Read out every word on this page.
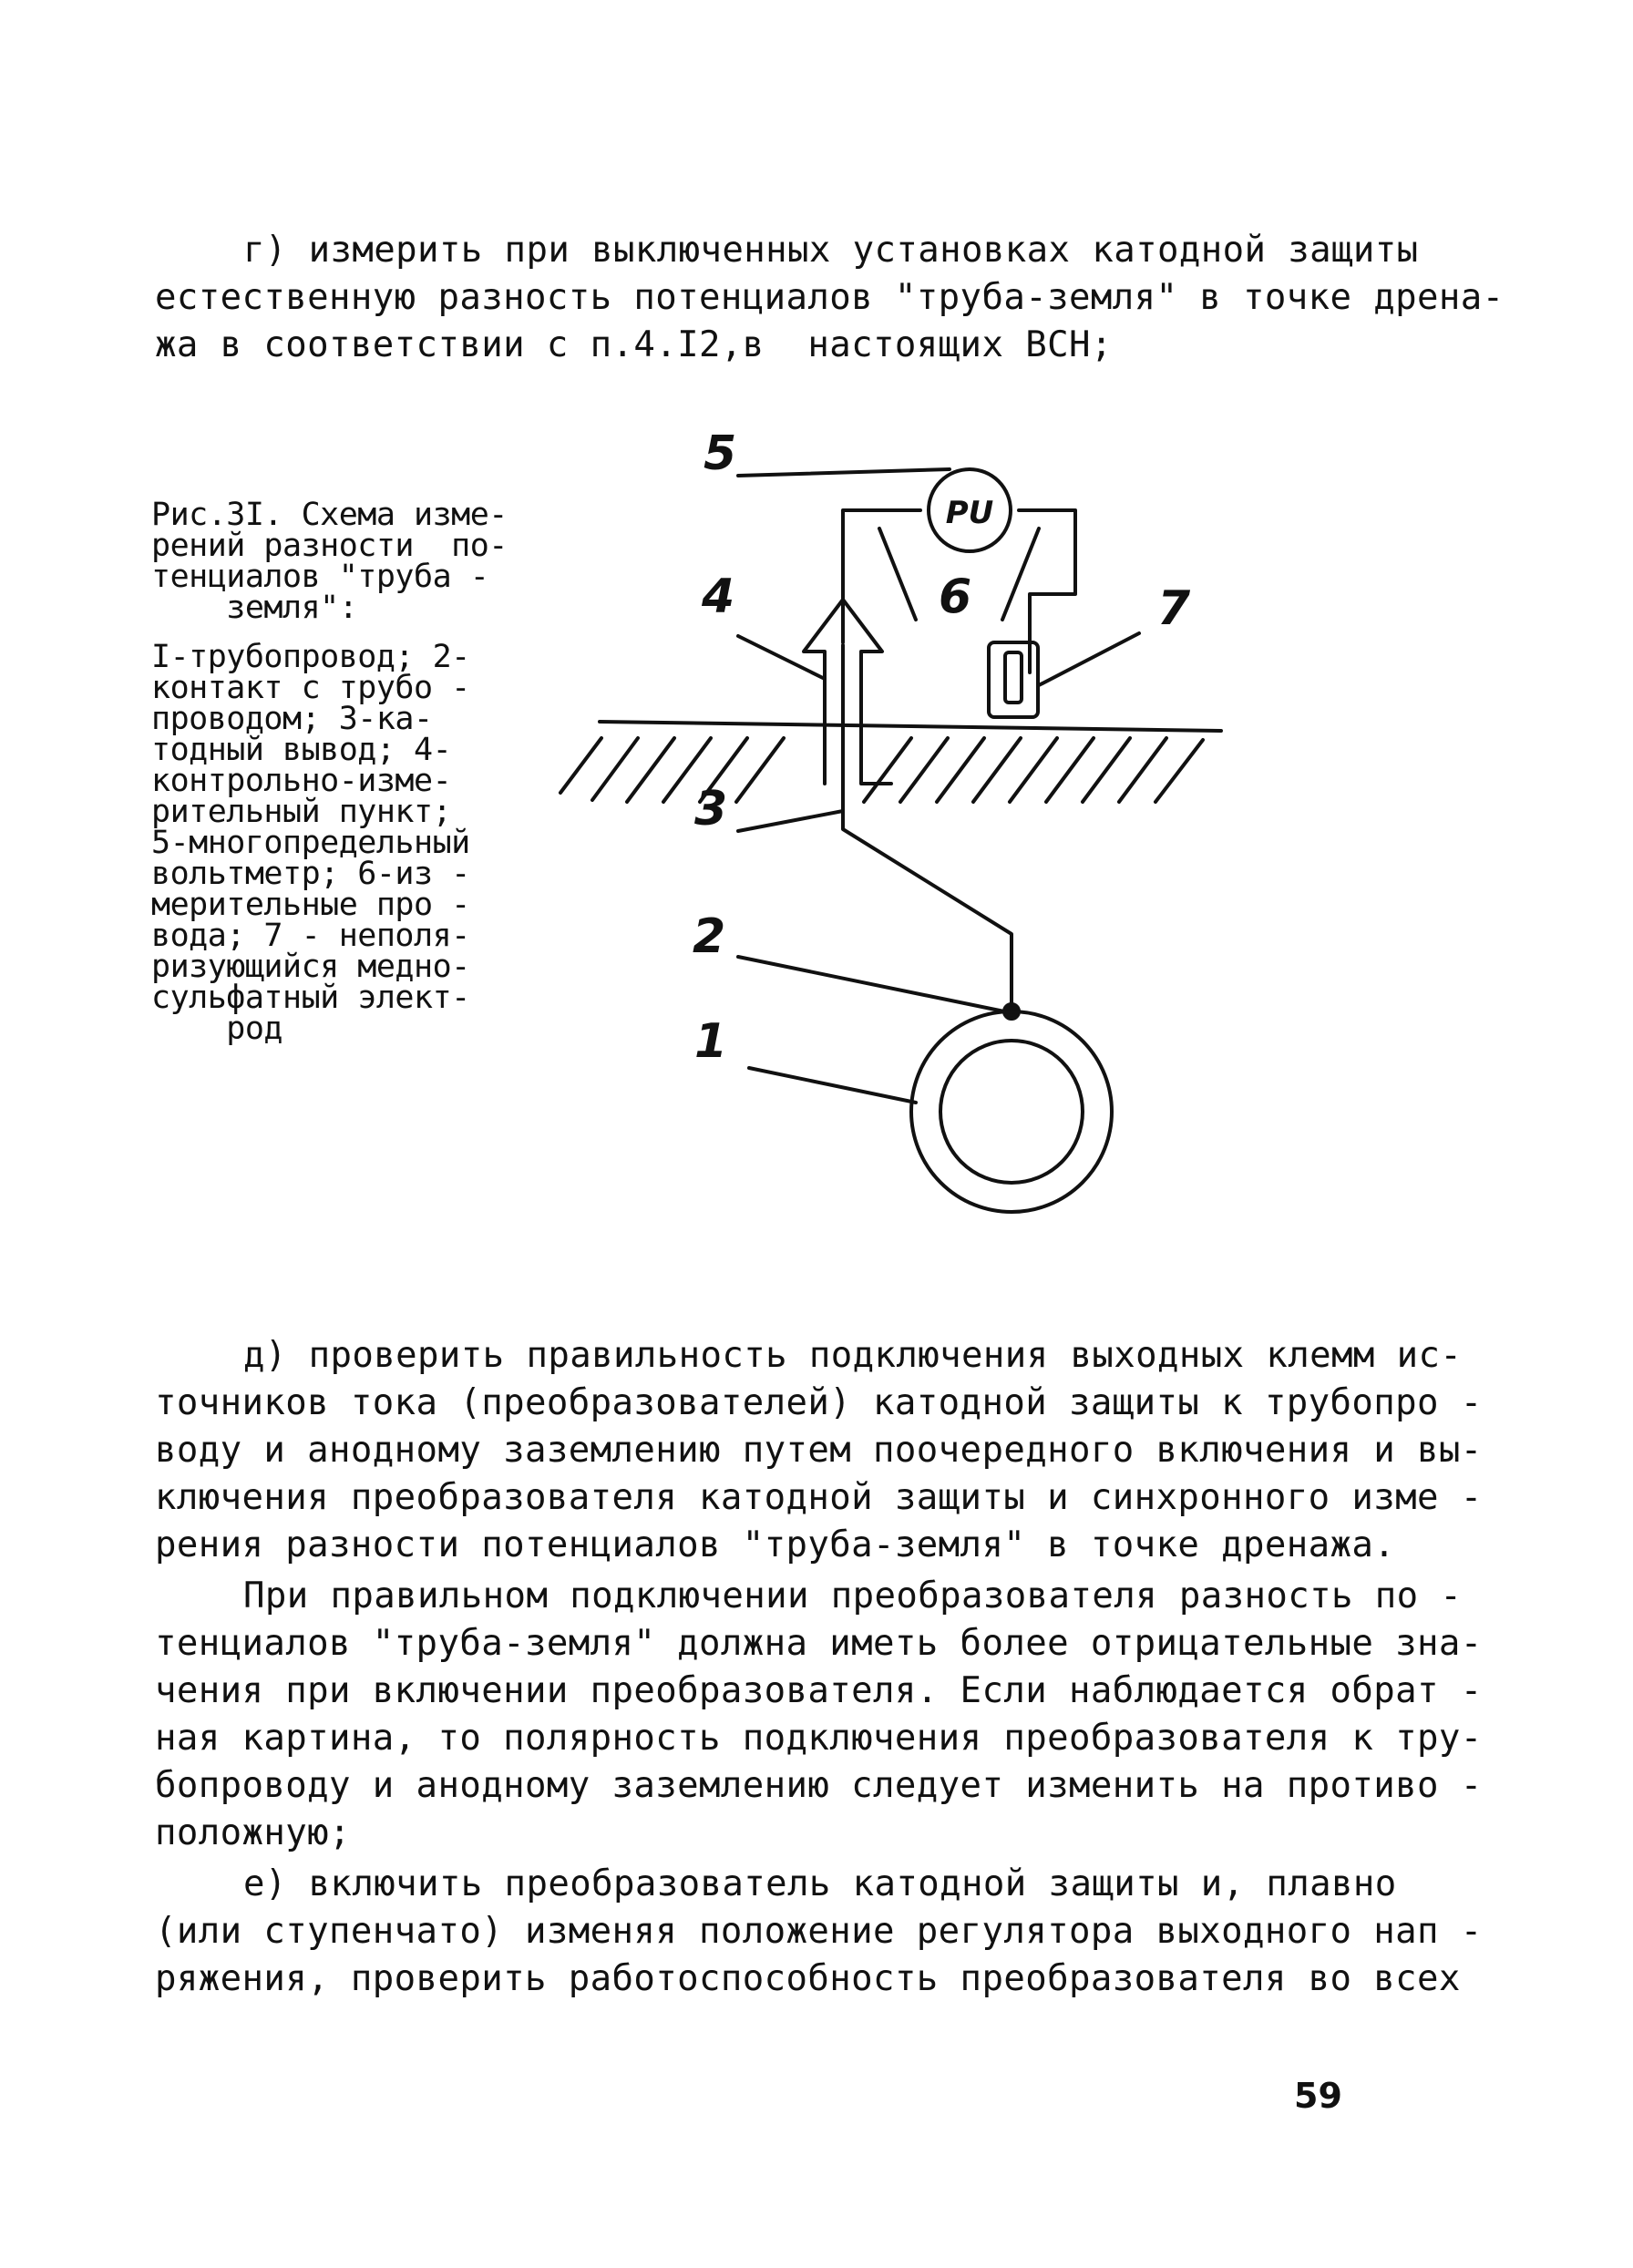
г) измерить при выключенных установках катодной защиты
естественную разность потенциалов "труба-земля" в точке дрена-
жа в соответствии с п.4.I2,в  настоящих ВСН;
Рис.3I. Схема изме-
рений разности  по-
тенциалов "труба -
земля":
I-трубопровод; 2-
контакт с трубо -
проводом; 3-ка-
тодный вывод; 4-
контрольно-изме-
рительный пункт;
5-многопредельный
вольтметр; 6-из -
мерительные про -
вода; 7 - неполя-
ризующийся медно-
сульфатный элект-
род
PU
5
4	6	7
3
2
1
д) проверить правильность подключения выходных клемм ис-
точников тока (преобразователей) катодной защиты к трубопро -
воду и анодному заземлению путем поочередного включения и вы-
ключения преобразователя катодной защиты и синхронного изме -
рения разности потенциалов "труба-земля" в точке дренажа.
При правильном подключении преобразователя разность по -
тенциалов "труба-земля" должна иметь более отрицательные зна-
чения при включении преобразователя. Если наблюдается обрат -
ная картина, то полярность подключения преобразователя к тру-
бопроводу и анодному заземлению следует изменить на противо -
положную;
е) включить преобразователь катодной защиты и, плавно
(или ступенчато) изменяя положение регулятора выходного нап -
ряжения, проверить работоспособность преобразователя во всех
59
